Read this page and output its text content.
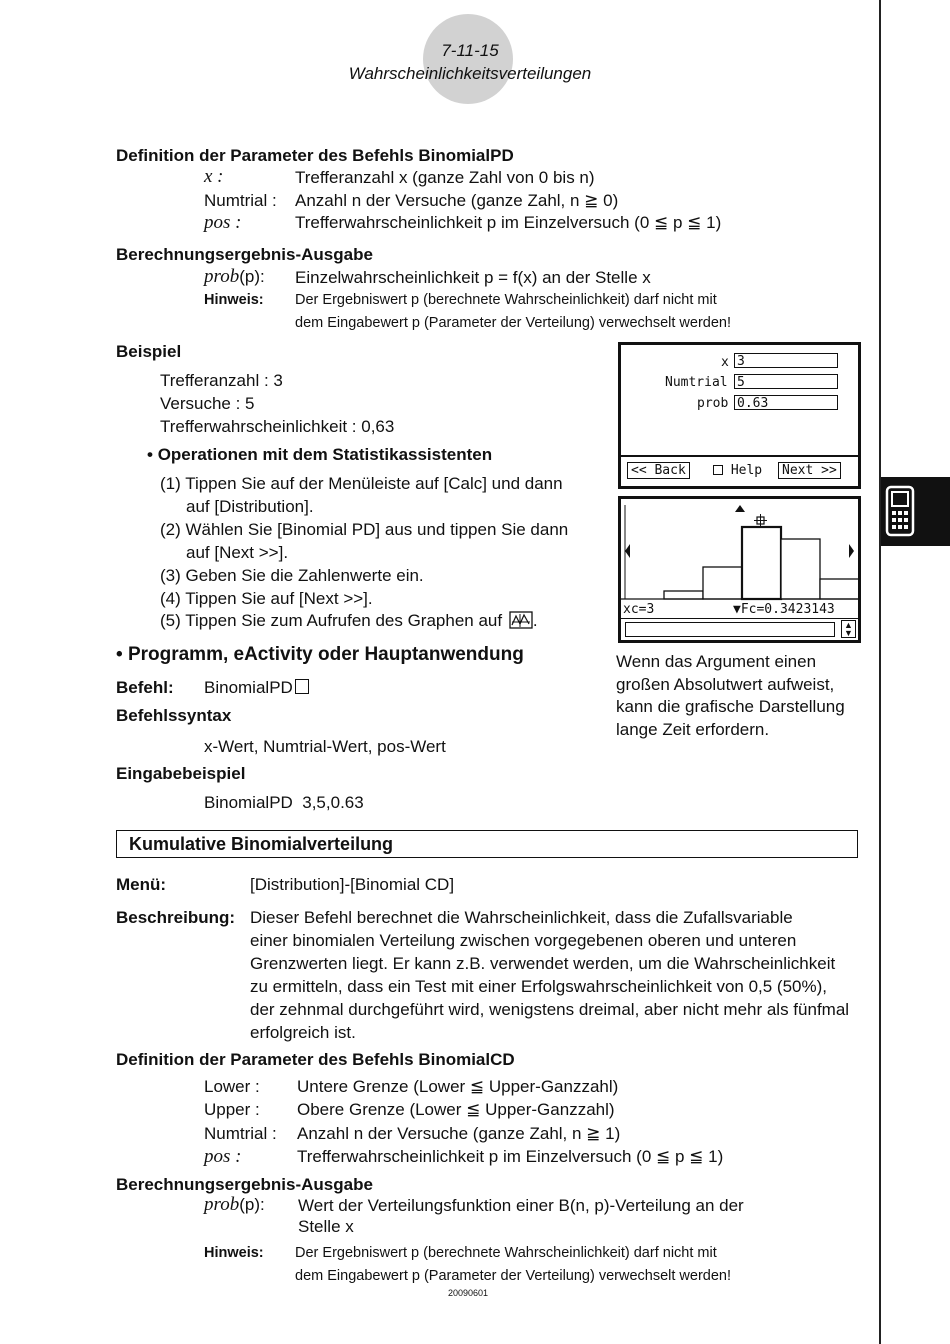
7-11-15
Wahrscheinlichkeitsverteilungen
Definition der Parameter des Befehls BinomialPD
x :	Trefferanzahl x (ganze Zahl von 0 bis n)
Numtrial : Anzahl n der Versuche (ganze Zahl, n ≧ 0)
pos :	Trefferwahrscheinlichkeit p im Einzelversuch (0 ≦ p ≦ 1)
Berechnungsergebnis-Ausgabe
prob(p): Einzelwahrscheinlichkeit p = f(x) an der Stelle x
Hinweis: Der Ergebniswert p (berechnete Wahrscheinlichkeit) darf nicht mit
dem Eingabewert p (Parameter der Verteilung) verwechselt werden!
Beispiel
Trefferanzahl : 3
Versuche : 5
Trefferwahrscheinlichkeit : 0,63
• Operationen mit dem Statistikassistenten
(1) Tippen Sie auf der Menüleiste auf [Calc] und dann
auf [Distribution].
(2) Wählen Sie [Binomial PD] aus und tippen Sie dann
auf [Next >>].
(3) Geben Sie die Zahlenwerte ein.
(4) Tippen Sie auf [Next >>].
(5) Tippen Sie zum Aufrufen des Graphen auf .
x 3
Numtrial 5
prob 0.63
<< Back	Help	Next >>
xc=3	▼Fc=0.3423143
▲
▼
Wenn das Argument einen
großen Absolutwert aufweist,
kann die grafische Darstellung
lange Zeit erfordern.
• Programm, eActivity oder Hauptanwendung
Befehl: BinomialPD
Befehlssyntax
x-Wert, Numtrial-Wert, pos-Wert
Eingabebeispiel
BinomialPD  3,5,0.63
Kumulative Binomialverteilung
Menü:	[Distribution]-[Binomial CD]
Beschreibung: Dieser Befehl berechnet die Wahrscheinlichkeit, dass die Zufallsvariable
einer binomialen Verteilung zwischen vorgegebenen oberen und unteren
Grenzwerten liegt. Er kann z.B. verwendet werden, um die Wahrscheinlichkeit
zu ermitteln, dass ein Test mit einer Erfolgswahrscheinlichkeit von 0,5 (50%),
der zehnmal durchgeführt wird, wenigstens dreimal, aber nicht mehr als fünfmal
erfolgreich ist.
Definition der Parameter des Befehls BinomialCD
Lower : Untere Grenze (Lower ≦ Upper-Ganzzahl)
Upper : Obere Grenze (Lower ≦ Upper-Ganzzahl)
Numtrial : Anzahl n der Versuche (ganze Zahl, n ≧ 1)
pos :	Trefferwahrscheinlichkeit p im Einzelversuch (0 ≦ p ≦ 1)
Berechnungsergebnis-Ausgabe
prob(p): Wert der Verteilungsfunktion einer B(n, p)-Verteilung an der
Stelle x
Hinweis: Der Ergebniswert p (berechnete Wahrscheinlichkeit) darf nicht mit
dem Eingabewert p (Parameter der Verteilung) verwechselt werden!
20090601
